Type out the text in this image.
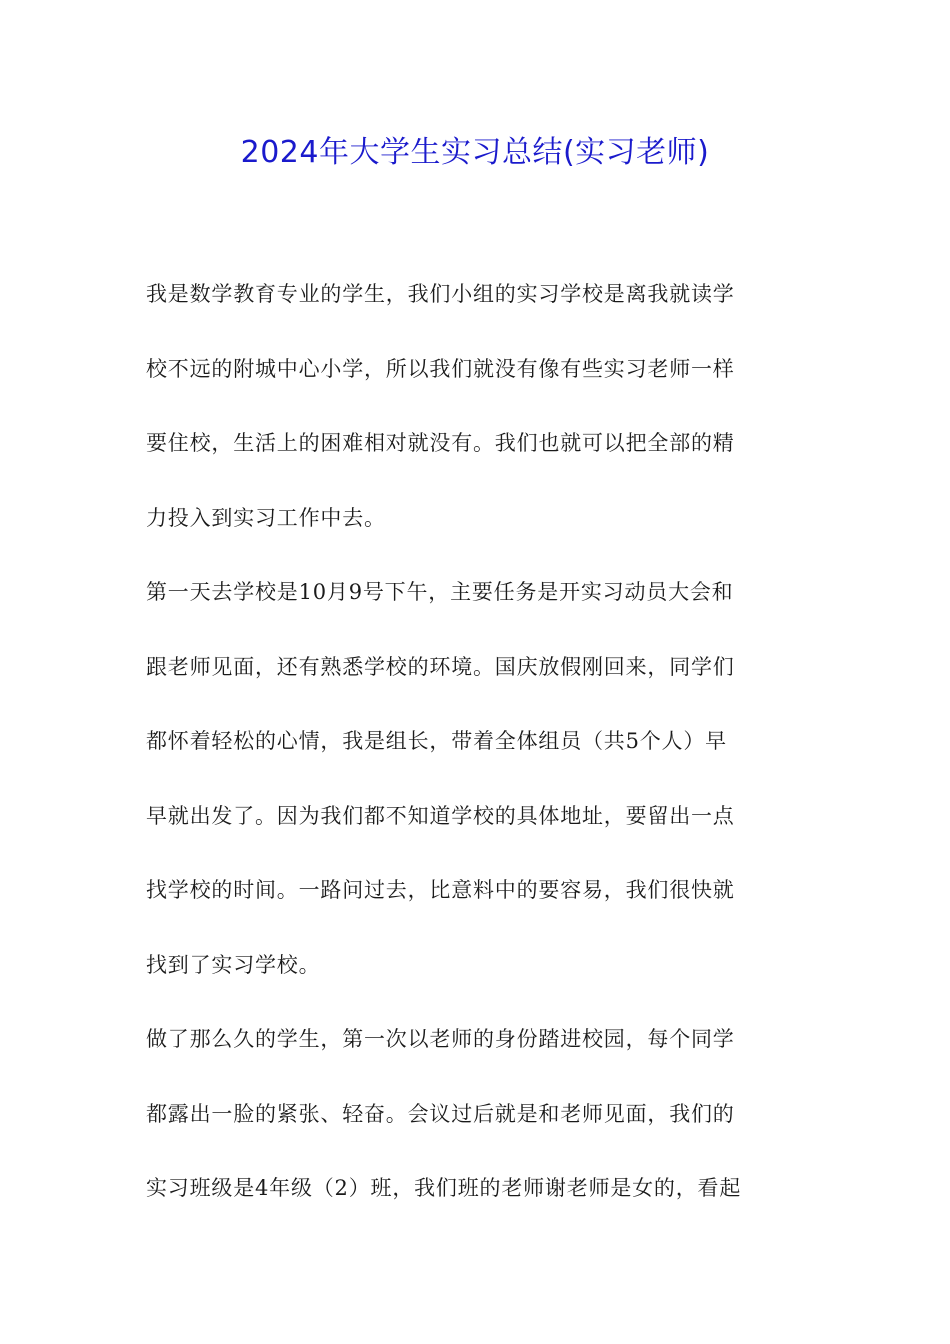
2024年大学生实习总结(实习老师)
我是数学教育专业的学生，我们小组的实习学校是离我就读学
校不远的附城中心小学，所以我们就没有像有些实习老师一样
要住校，生活上的困难相对就没有。我们也就可以把全部的精
力投入到实习工作中去。
第一天去学校是10月9号下午，主要任务是开实习动员大会和
跟老师见面，还有熟悉学校的环境。国庆放假刚回来，同学们
都怀着轻松的心情，我是组长，带着全体组员（共5个人）早
早就出发了。因为我们都不知道学校的具体地址，要留出一点
找学校的时间。一路问过去，比意料中的要容易，我们很快就
找到了实习学校。
做了那么久的学生，第一次以老师的身份踏进校园，每个同学
都露出一脸的紧张、轻奋。会议过后就是和老师见面，我们的
实习班级是4年级（2）班，我们班的老师谢老师是女的，看起
